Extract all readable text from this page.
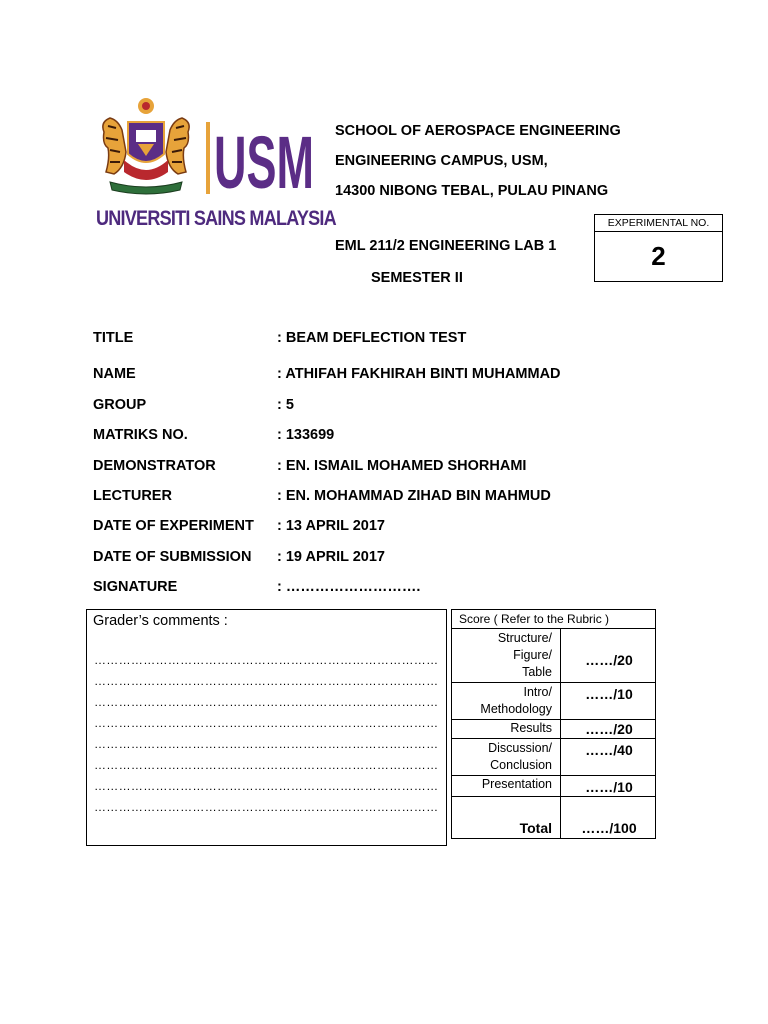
USM
UNIVERSITI SAINS MALAYSIA
SCHOOL OF AEROSPACE ENGINEERING
ENGINEERING CAMPUS, USM,
14300 NIBONG TEBAL, PULAU PINANG
EML 211/2 ENGINEERING LAB 1
SEMESTER II
EXPERIMENTAL NO.
2
TITLE	: BEAM DEFLECTION TEST
NAME	: ATHIFAH FAKHIRAH BINTI MUHAMMAD
GROUP	: 5
MATRIKS NO.	: 133699
DEMONSTRATOR	: EN. ISMAIL MOHAMED SHORHAMI
LECTURER	: EN. MOHAMMAD ZIHAD BIN MAHMUD
DATE OF EXPERIMENT : 13 APRIL 2017
DATE OF SUBMISSION : 19 APRIL 2017
SIGNATURE	: ……………………….
Grader’s comments :
…………………………………………………………………………
…………………………………………………………………………
…………………………………………………………………………
…………………………………………………………………………
…………………………………………………………………………
…………………………………………………………………………
…………………………………………………………………………
…………………………………………………………………………
Score ( Refer to the Rubric )
Structure/
Figure/
Table
……/20
Intro/
Methodology
……/10
Results	……/20
Discussion/
Conclusion
……/40
Presentation	……/10
Total	……/100
